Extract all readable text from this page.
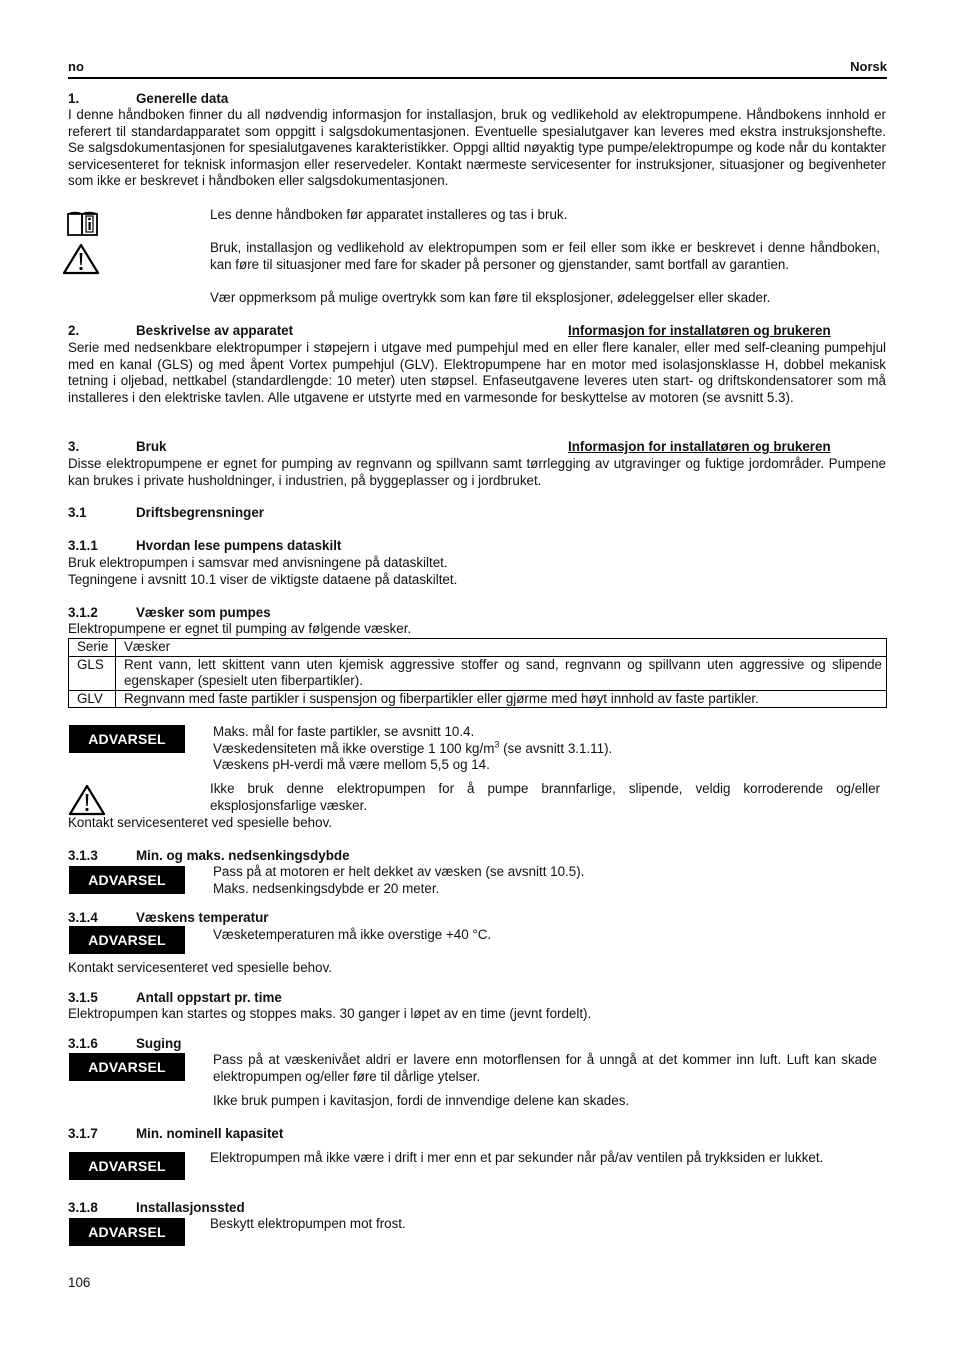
no	Norsk
1.	Generelle data
I denne håndboken finner du all nødvendig informasjon for installasjon, bruk og vedlikehold av elektropumpene. Håndbokens innhold er referert til standardapparatet som oppgitt i salgsdokumentasjonen. Eventuelle spesialutgaver kan leveres med ekstra instruksjonshefte. Se salgsdokumentasjonen for spesialutgavenes karakteristikker. Oppgi alltid nøyaktig type pumpe/elektropumpe og kode når du kontakter servicesenteret for teknisk informasjon eller reservedeler. Kontakt nærmeste servicesenter for instruksjoner, situasjoner og begivenheter som ikke er beskrevet i håndboken eller salgsdokumentasjonen.
Les denne håndboken før apparatet installeres og tas i bruk.
Bruk, installasjon og vedlikehold av elektropumpen som er feil eller som ikke er beskrevet i denne håndboken, kan føre til situasjoner med fare for skader på personer og gjenstander, samt bortfall av garantien.
Vær oppmerksom på mulige overtrykk som kan føre til eksplosjoner, ødeleggelser eller skader.
2.	Beskrivelse av apparatet	Informasjon for installatøren og brukeren
Serie med nedsenkbare elektropumper i støpejern i utgave med pumpehjul med en eller flere kanaler, eller med self-cleaning pumpehjul med en kanal (GLS) og med åpent Vortex pumpehjul (GLV). Elektropumpene har en motor med isolasjonsklasse H, dobbel mekanisk tetning i oljebad, nettkabel (standardlengde: 10 meter) uten støpsel. Enfaseutgavene leveres uten start- og driftskondensatorer som må installeres i den elektriske tavlen. Alle utgavene er utstyrte med en varmesonde for beskyttelse av motoren (se avsnitt 5.3).
3.	Bruk	Informasjon for installatøren og brukeren
Disse elektropumpene er egnet for pumping av regnvann og spillvann samt tørrlegging av utgravinger og fuktige jordområder. Pumpene kan brukes i private husholdninger, i industrien, på byggeplasser og i jordbruket.
3.1	Driftsbegrensninger
3.1.1	Hvordan lese pumpens dataskilt
Bruk elektropumpen i samsvar med anvisningene på dataskiltet.
Tegningene i avsnitt 10.1 viser de viktigste dataene på dataskiltet.
3.1.2	Væsker som pumpes
Elektropumpene er egnet til pumping av følgende væsker.
Serie	Væsker
GLS	Rent vann, lett skittent vann uten kjemisk aggressive stoffer og sand, regnvann og spillvann uten aggressive og slipende egenskaper (spesielt uten fiberpartikler).
GLV	Regnvann med faste partikler i suspensjon og fiberpartikler eller gjørme med høyt innhold av faste partikler.
ADVARSEL	Maks. mål for faste partikler, se avsnitt 10.4.
Væskedensiteten må ikke overstige 1 100 $kg/m^3$ (se avsnitt 3.1.11).
Væskens pH-verdi må være mellom 5,5 og 14.
Ikke bruk denne elektropumpen for å pumpe brannfarlige, slipende, veldig korroderende og/eller eksplosjonsfarlige væsker.
Kontakt servicesenteret ved spesielle behov.
3.1.3	Min. og maks. nedsenkingsdybde
ADVARSEL
Pass på at motoren er helt dekket av væsken (se avsnitt 10.5).
Maks. nedsenkingsdybde er 20 meter.
3.1.4	Væskens temperatur
ADVARSEL	Væsketemperaturen må ikke overstige +40 °C.
Kontakt servicesenteret ved spesielle behov.
3.1.5	Antall oppstart pr. time
Elektropumpen kan startes og stoppes maks. 30 ganger i løpet av en time (jevnt fordelt).
3.1.6	Suging
ADVARSEL	Pass på at væskenivået aldri er lavere enn motorflensen for å unngå at det kommer inn luft. Luft kan skade elektropumpen og/eller føre til dårlige ytelser.
Ikke bruk pumpen i kavitasjon, fordi de innvendige delene kan skades.
3.1.7	Min. nominell kapasitet
ADVARSEL
Elektropumpen må ikke være i drift i mer enn et par sekunder når på/av ventilen på trykksiden er lukket.
3.1.8	Installasjonssted
ADVARSEL
Beskytt elektropumpen mot frost.
106
